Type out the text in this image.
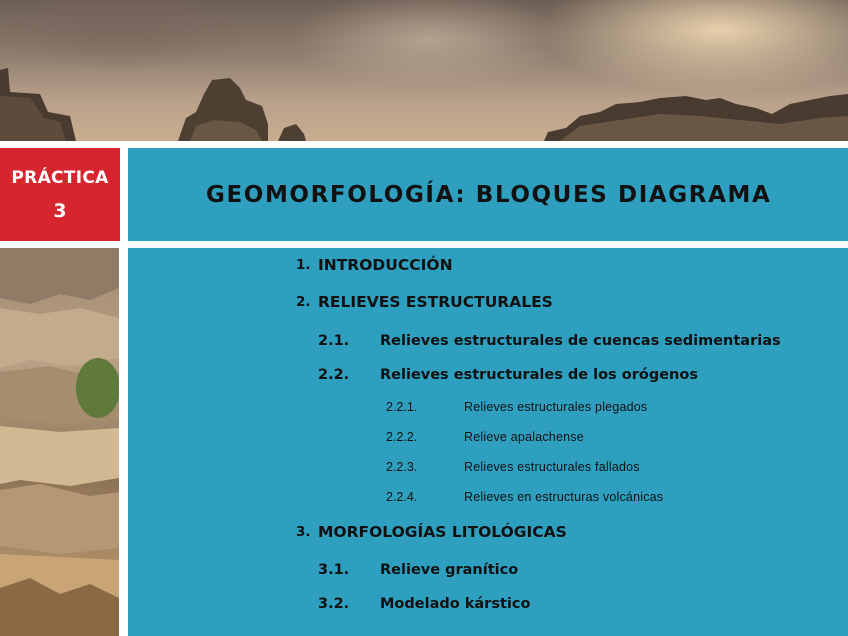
PRÁCTICA
3
GEOMORFOLOGÍA: BLOQUES DIAGRAMA
1. INTRODUCCIÓN
2. RELIEVES ESTRUCTURALES
2.1.	Relieves estructurales de cuencas sedimentarias
2.2.	Relieves estructurales de los orógenos
2.2.1.	Relieves estructurales plegados
2.2.2.	Relieve apalachense
2.2.3.	Relieves estructurales fallados
2.2.4.	Relieves en estructuras volcánicas
3. MORFOLOGÍAS LITOLÓGICAS
3.1.	Relieve granítico
3.2.	Modelado kárstico
